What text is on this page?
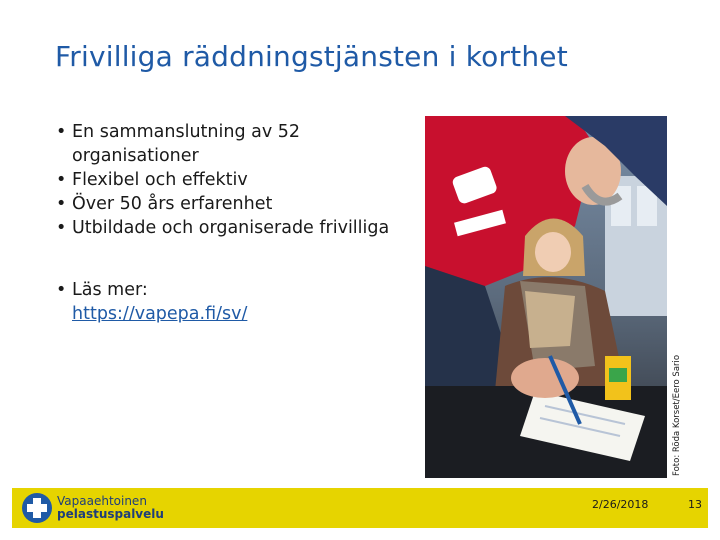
Frivilliga räddningstjänsten i korthet
• En sammanslutning av 52 organisationer
• Flexibel och effektiv
• Över 50 års erfarenhet
• Utbildade och organiserade frivilliga
• Läs mer:
https://vapepa.fi/sv/
Foto: Röda Korset/Eero Sario
Vapaaehtoinen
pelastuspalvelu
2/26/2018	13
